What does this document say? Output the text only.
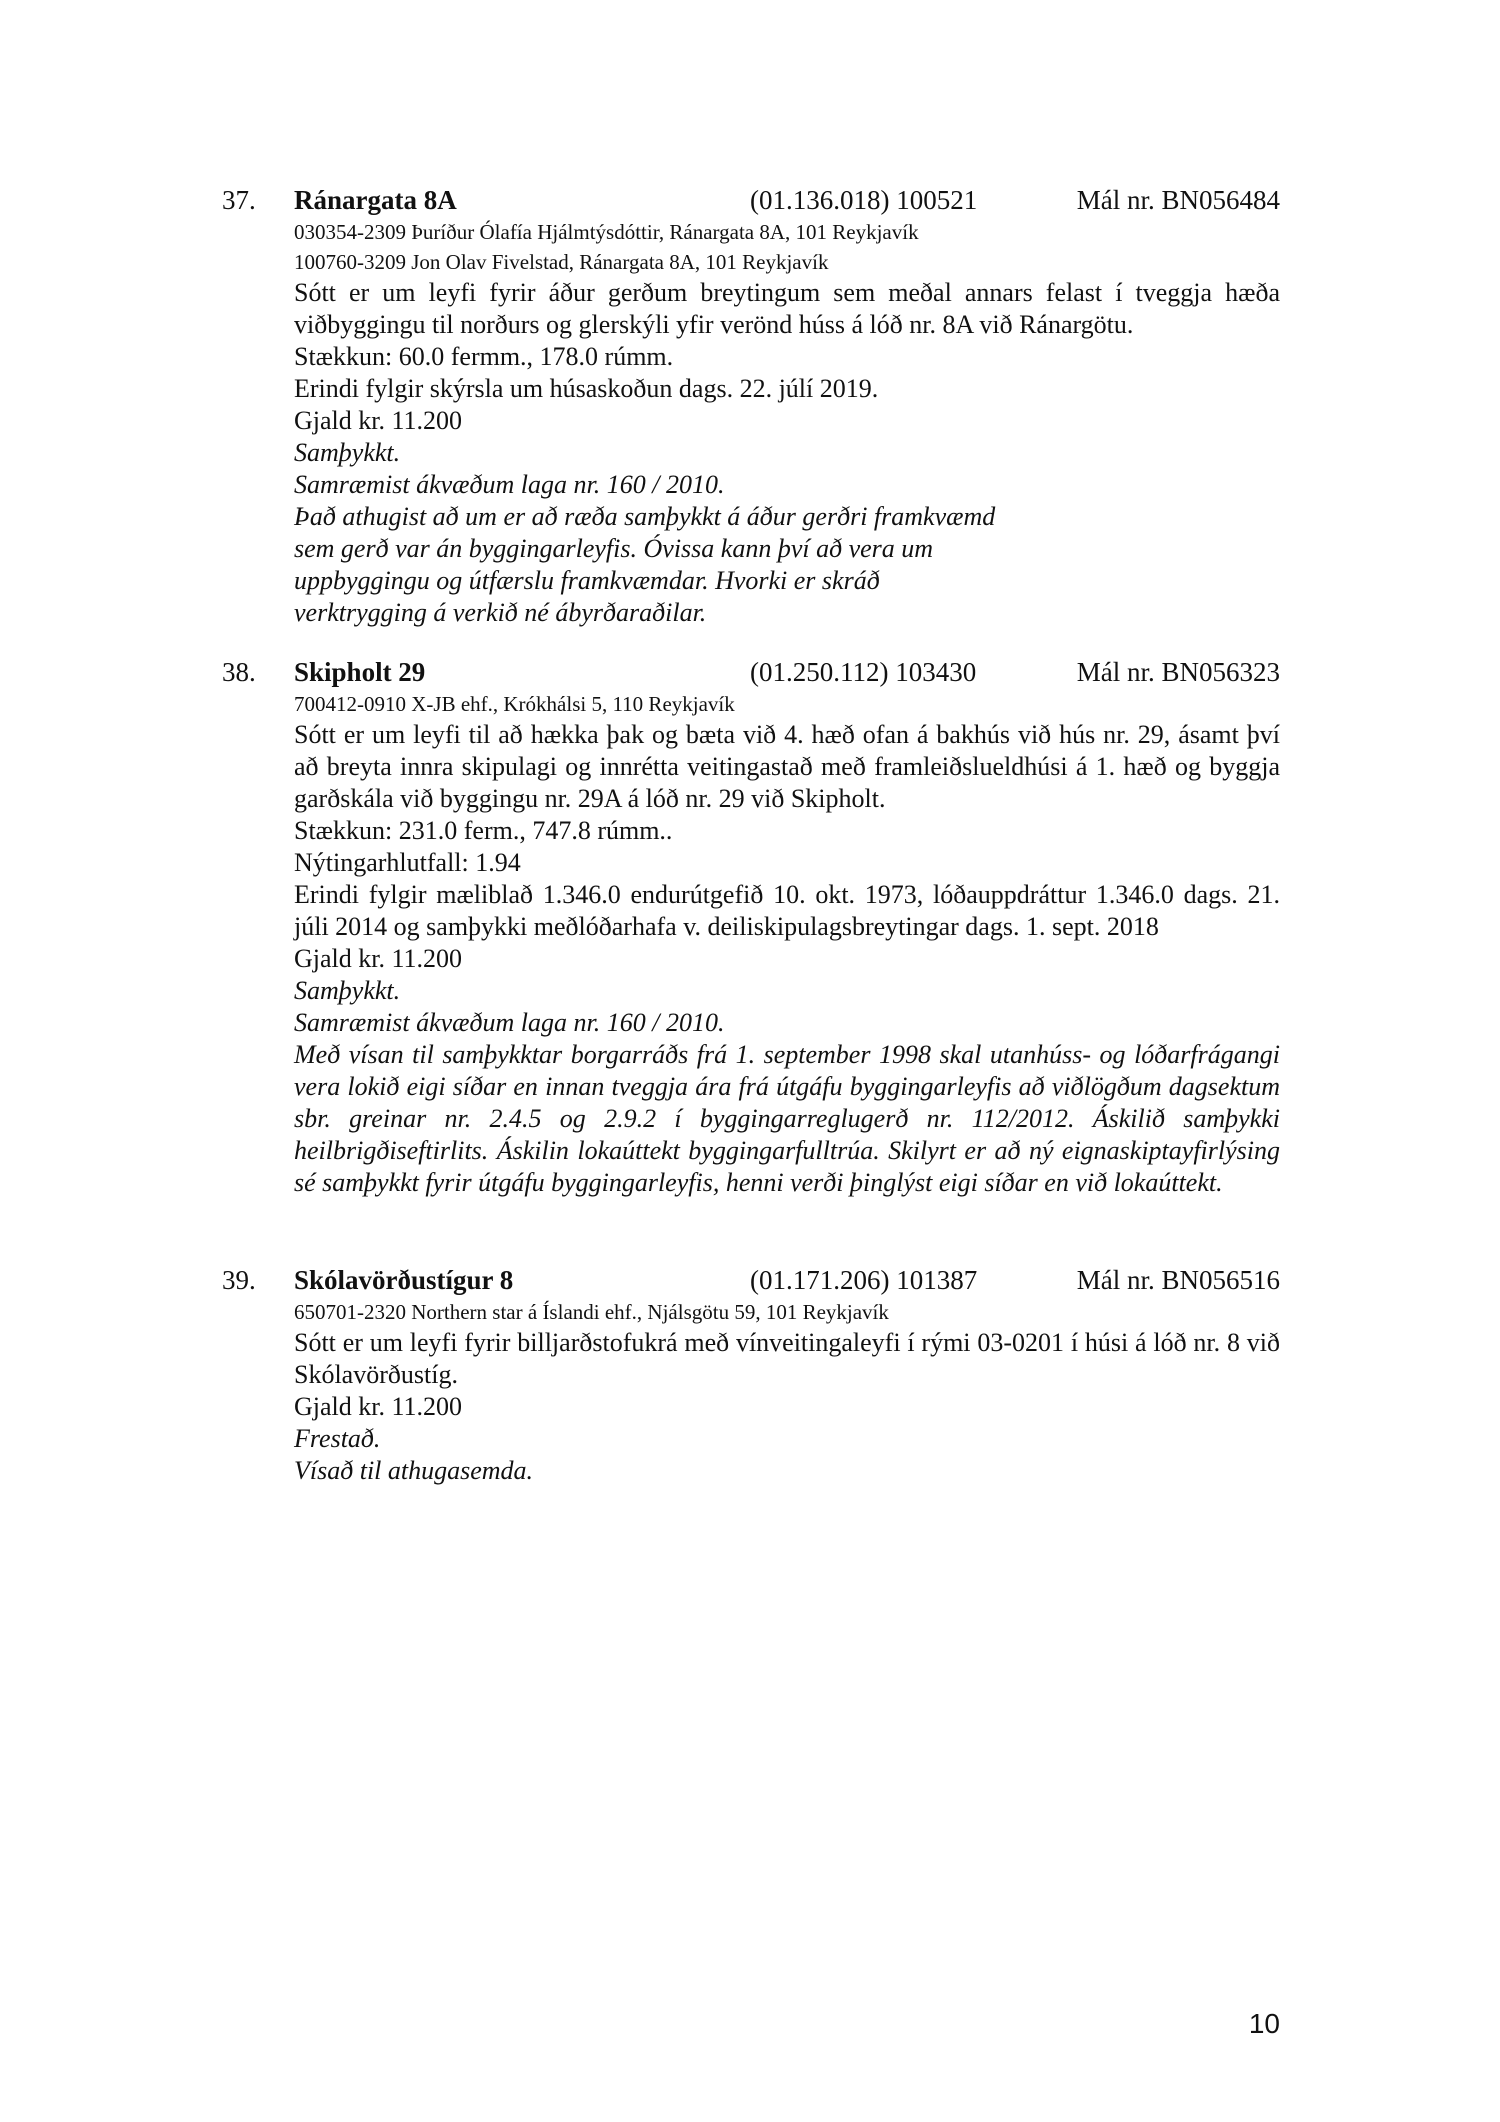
37. Ránargata 8A	(01.136.018) 100521	Mál nr. BN056484
030354-2309 Þuríður Ólafía Hjálmtýsdóttir, Ránargata 8A, 101 Reykjavík
100760-3209 Jon Olav Fivelstad, Ránargata 8A, 101 Reykjavík
Sótt er um leyfi fyrir áður gerðum breytingum sem meðal annars felast í tveggja hæða viðbyggingu til norðurs og glerskýli yfir verönd húss á lóð nr. 8A við Ránargötu.
Stækkun: 60.0 fermm., 178.0 rúmm.
Erindi fylgir skýrsla um húsaskoðun dags. 22. júlí 2019.
Gjald kr. 11.200
Samþykkt.
Samræmist ákvæðum laga nr. 160 / 2010.
Það athugist að um er að ræða samþykkt á áður gerðri framkvæmd
sem gerð var án byggingarleyfis. Óvissa kann því að vera um
uppbyggingu og útfærslu framkvæmdar. Hvorki er skráð
verktrygging á verkið né ábyrðaraðilar.
38. Skipholt 29	(01.250.112) 103430	Mál nr. BN056323
700412-0910 X-JB ehf., Krókhálsi 5, 110 Reykjavík
Sótt er um leyfi til að hækka þak og bæta við 4. hæð ofan á bakhús við hús nr. 29, ásamt því að breyta innra skipulagi og innrétta veitingastað með framleiðslueldhúsi á 1. hæð og byggja garðskála við byggingu nr. 29A á lóð nr. 29 við Skipholt.
Stækkun: 231.0 ferm., 747.8 rúmm..
Nýtingarhlutfall: 1.94
Erindi fylgir mæliblað 1.346.0 endurútgefið 10. okt. 1973, lóðauppdráttur 1.346.0 dags. 21. júli 2014 og samþykki meðlóðarhafa v. deiliskipulagsbreytingar dags. 1. sept. 2018
Gjald kr. 11.200
Samþykkt.
Samræmist ákvæðum laga nr. 160 / 2010.
Með vísan til samþykktar borgarráðs frá 1. september 1998 skal utanhúss- og lóðarfrágangi vera lokið eigi síðar en innan tveggja ára frá útgáfu byggingarleyfis að viðlögðum dagsektum sbr. greinar nr. 2.4.5 og 2.9.2 í byggingarreglugerð nr. 112/2012. Áskilið samþykki heilbrigðiseftirlits. Áskilin lokaúttekt byggingarfulltrúa. Skilyrt er að ný eignaskiptayfirlýsing sé samþykkt fyrir útgáfu byggingarleyfis, henni verði þinglýst eigi síðar en við lokaúttekt.
39. Skólavörðustígur 8	(01.171.206) 101387	Mál nr. BN056516
650701-2320 Northern star á Íslandi ehf., Njálsgötu 59, 101 Reykjavík
Sótt er um leyfi fyrir billjarðstofukrá með vínveitingaleyfi í rými 03-0201 í húsi á lóð nr. 8 við Skólavörðustíg.
Gjald kr. 11.200
Frestað.
Vísað til athugasemda.
10
